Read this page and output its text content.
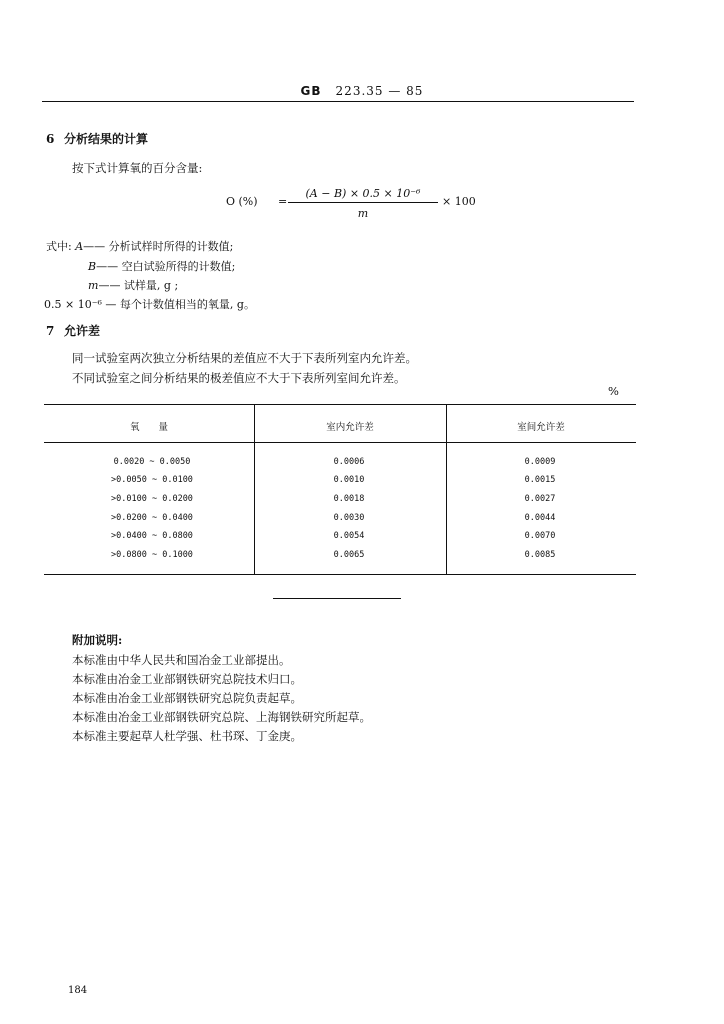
GB 223.35 — 85
6 分析结果的计算
按下式计算氧的百分含量:
O (%) = $\frac{\text{(A − B) × 0.5 × 10⁻⁶}}{m} \times 100$
式中: A—— 分析试样时所得的计数值;
B—— 空白试验所得的计数值;
m—— 试样量, g ;
0.5 × 10⁻⁶ — 每个计数值相当的氧量, g。
7 允许差
同一试验室两次独立分析结果的差值应不大于下表所列室内允许差。
不同试验室之间分析结果的极差值应不大于下表所列室间允许差。
%
氧　　量	室内允许差	室间允许差
0.0020 ~ 0.0050	0.0006	0.0009
>0.0050 ~ 0.0100	0.0010	0.0015
>0.0100 ~ 0.0200	0.0018	0.0027
>0.0200 ~ 0.0400	0.0030	0.0044
>0.0400 ~ 0.0800	0.0054	0.0070
>0.0800 ~ 0.1000	0.0065	0.0085
附加说明:
本标准由中华人民共和国冶金工业部提出。
本标准由冶金工业部钢铁研究总院技术归口。
本标准由冶金工业部钢铁研究总院负责起草。
本标准由冶金工业部钢铁研究总院、上海钢铁研究所起草。
本标准主要起草人杜学强、杜书琛、丁金庚。
184
